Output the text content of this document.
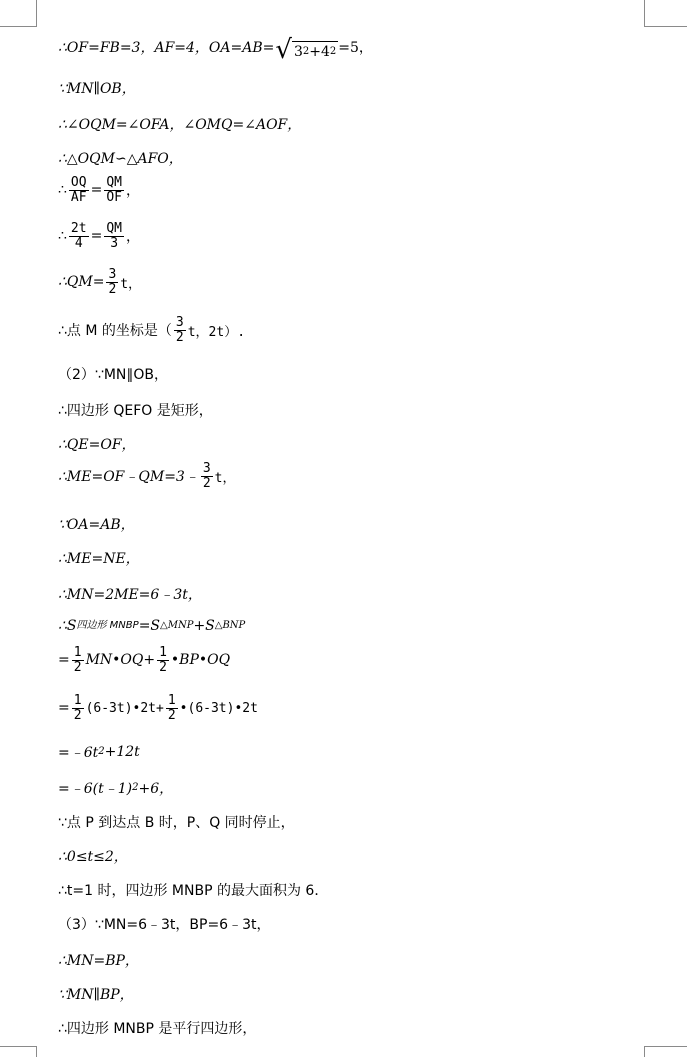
∴OF=FB=3，AF=4，OA=AB= √ 3 2 +4 2 =5，
∵MN∥OB，
∴∠OQM=∠OFA，∠OMQ=∠AOF，
∴△OQM∽△AFO，
∴ $\frac{OQ}{AF} = \frac{QM}{OF}$ ，
∴ $\frac{2t}{4} = \frac{QM}{3}$ ，
∴QM= $\frac{3}{2}$ t，
∴点 M 的坐标是（ $\frac{3}{2}$ t，2t）.
（2）∵MN∥OB，
∴四边形 QEFO 是矩形，
∴QE=OF，
∴ME=OF﹣QM=3﹣ $\frac{3}{2}$ t，
∵OA=AB，
∴ME=NE，
∴MN=2ME=6﹣3t，
∴S 四边形 MNBP =S △MNP +S △BNP
= $\frac{1}{2}$ MN•OQ+ $\frac{1}{2}$ •BP•OQ
= $\frac{1}{2}$ (6-3t)•2t+ $\frac{1}{2}$ •(6-3t)•2t
=﹣6t 2 +12t
=﹣6(t﹣1) 2 +6，
∵点 P 到达点 B 时，P、Q 同时停止，
∴0≤t≤2，
∴t=1 时，四边形 MNBP 的最大面积为 6．
（3）∵MN=6﹣3t，BP=6﹣3t，
∴MN=BP，
∵MN∥BP，
∴四边形 MNBP 是平行四边形，
